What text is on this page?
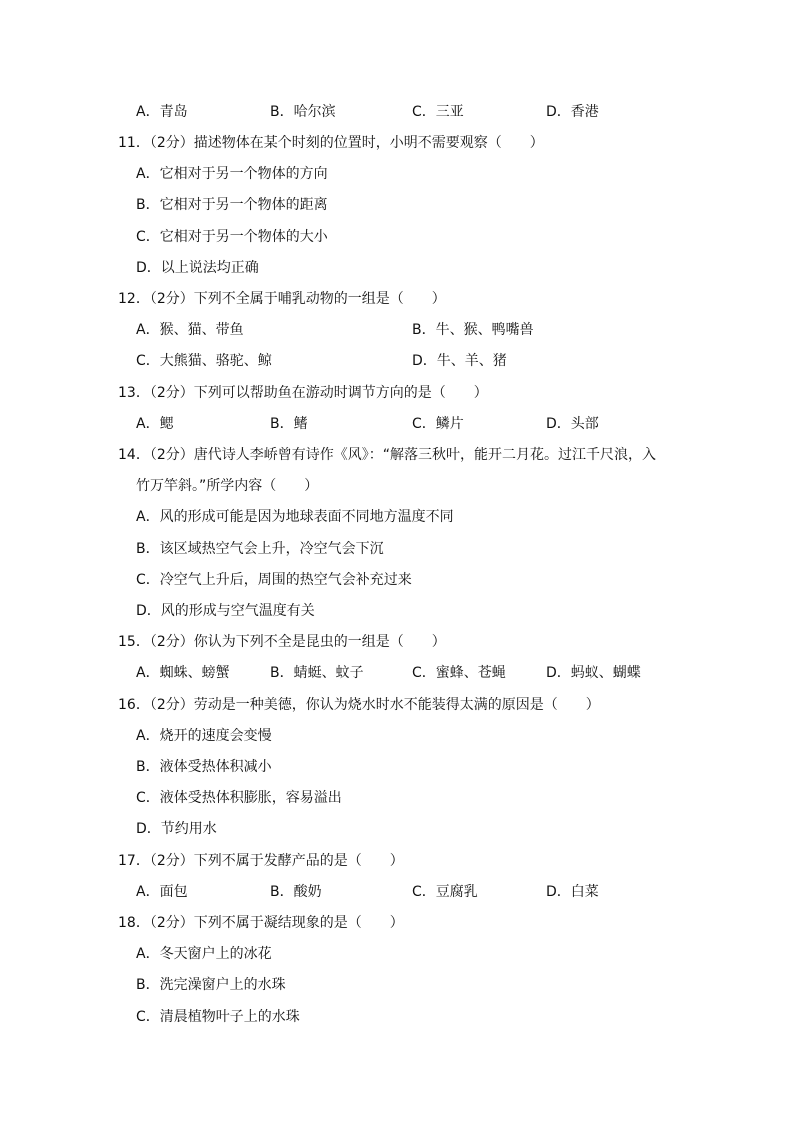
A．青岛	B．哈尔滨	C．三亚	D．香港
11．（2分）描述物体在某个时刻的位置时，小明不需要观察（　　）
A．它相对于另一个物体的方向
B．它相对于另一个物体的距离
C．它相对于另一个物体的大小
D．以上说法均正确
12．（2分）下列不全属于哺乳动物的一组是（　　）
A．猴、猫、带鱼	B．牛、猴、鸭嘴兽
C．大熊猫、骆驼、鲸	D．牛、羊、猪
13．（2分）下列可以帮助鱼在游动时调节方向的是（　　）
A．鳃	B．鳍	C．鳞片	D．头部
14．（2分）唐代诗人李峤曾有诗作《风》：“解落三秋叶，能开二月花。过江千尺浪，入
竹万竿斜。”所学内容（　　）
A．风的形成可能是因为地球表面不同地方温度不同
B．该区域热空气会上升，冷空气会下沉
C．冷空气上升后，周围的热空气会补充过来
D．风的形成与空气温度有关
15．（2分）你认为下列不全是昆虫的一组是（　　）
A．蜘蛛、螃蟹	B．蜻蜓、蚊子	C．蜜蜂、苍蝇	D．蚂蚁、蝴蝶
16．（2分）劳动是一种美德，你认为烧水时水不能装得太满的原因是（　　）
A．烧开的速度会变慢
B．液体受热体积减小
C．液体受热体积膨胀，容易溢出
D．节约用水
17．（2分）下列不属于发酵产品的是（　　）
A．面包	B．酸奶	C．豆腐乳	D．白菜
18．（2分）下列不属于凝结现象的是（　　）
A．冬天窗户上的冰花
B．洗完澡窗户上的水珠
C．清晨植物叶子上的水珠
